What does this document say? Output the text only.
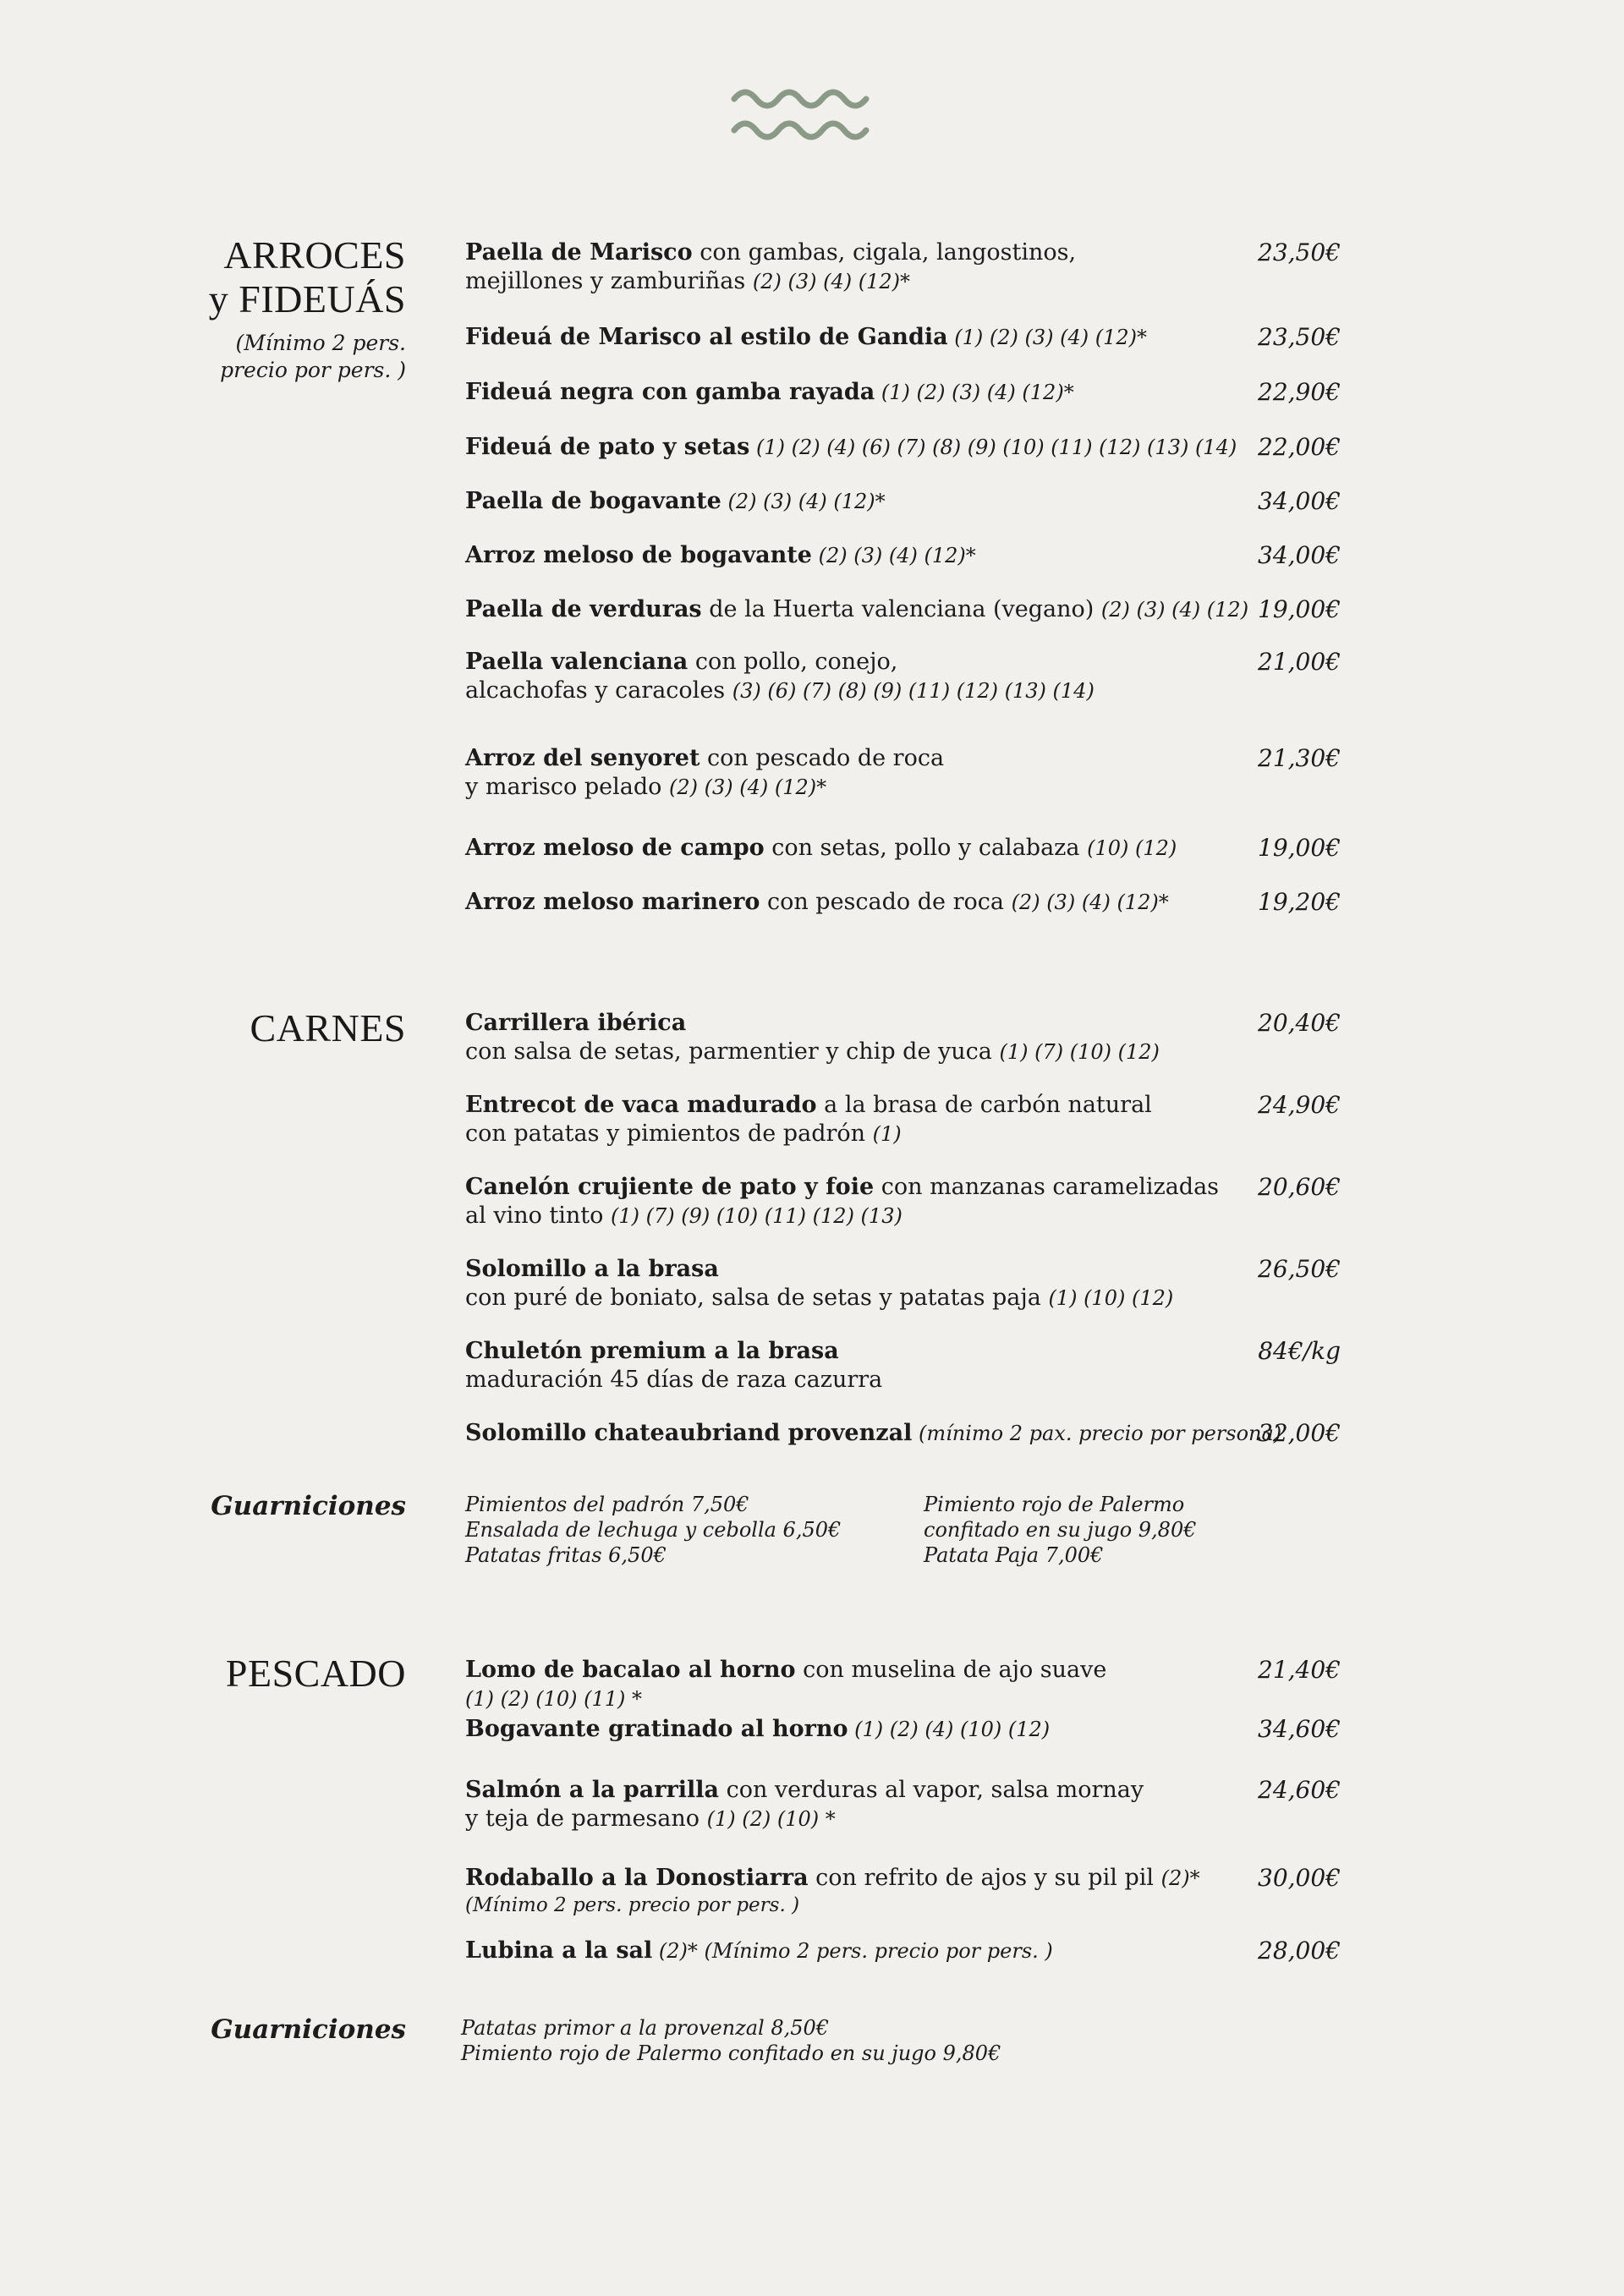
ARROCES
y FIDEUÁS
(Mínimo 2 pers.
precio por pers. )
Paella de Marisco con gambas, cigala, langostinos,
mejillones y zamburiñas (2) (3) (4) (12)*
23,50€
Fideuá de Marisco al estilo de Gandia (1) (2) (3) (4) (12)*	23,50€
Fideuá negra con gamba rayada (1) (2) (3) (4) (12)*	22,90€
Fideuá de pato y setas (1) (2) (4) (6) (7) (8) (9) (10) (11) (12) (13) (14) 22,00€
Paella de bogavante (2) (3) (4) (12)*	34,00€
Arroz meloso de bogavante (2) (3) (4) (12)*	34,00€
Paella de verduras de la Huerta valenciana (vegano) (2) (3) (4) (12) 19,00€
Paella valenciana con pollo, conejo,
alcachofas y caracoles (3) (6) (7) (8) (9) (11) (12) (13) (14)
21,00€
Arroz del senyoret con pescado de roca
y marisco pelado (2) (3) (4) (12)*
21,30€
Arroz meloso de campo con setas, pollo y calabaza (10) (12)	19,00€
Arroz meloso marinero con pescado de roca (2) (3) (4) (12)*	19,20€
CARNES	Carrillera ibérica
con salsa de setas, parmentier y chip de yuca (1) (7) (10) (12)
20,40€
Entrecot de vaca madurado a la brasa de carbón natural
con patatas y pimientos de padrón (1)
24,90€
Canelón crujiente de pato y foie con manzanas caramelizadas
al vino tinto (1) (7) (9) (10) (11) (12) (13)
20,60€
Solomillo a la brasa
con puré de boniato, salsa de setas y patatas paja (1) (10) (12)
26,50€
Chuletón premium a la brasa
maduración 45 días de raza cazurra
84€/kg
Solomillo chateaubriand provenzal (mínimo 2 pax. precio por persona)
32,00€
Guarniciones	Pimientos del padrón 7,50€
Ensalada de lechuga y cebolla 6,50€
Patatas fritas 6,50€
Pimiento rojo de Palermo
confitado en su jugo 9,80€
Patata Paja 7,00€
PESCADO	Lomo de bacalao al horno con muselina de ajo suave
(1) (2) (10) (11) *
21,40€
Bogavante gratinado al horno (1) (2) (4) (10) (12)	34,60€
Salmón a la parrilla con verduras al vapor, salsa mornay
y teja de parmesano (1) (2) (10) *
24,60€
Rodaballo a la Donostiarra con refrito de ajos y su pil pil (2)*
(Mínimo 2 pers. precio por pers. )
30,00€
Lubina a la sal (2)* (Mínimo 2 pers. precio por pers. )	28,00€
Guarniciones	Patatas primor a la provenzal 8,50€
Pimiento rojo de Palermo confitado en su jugo 9,80€
